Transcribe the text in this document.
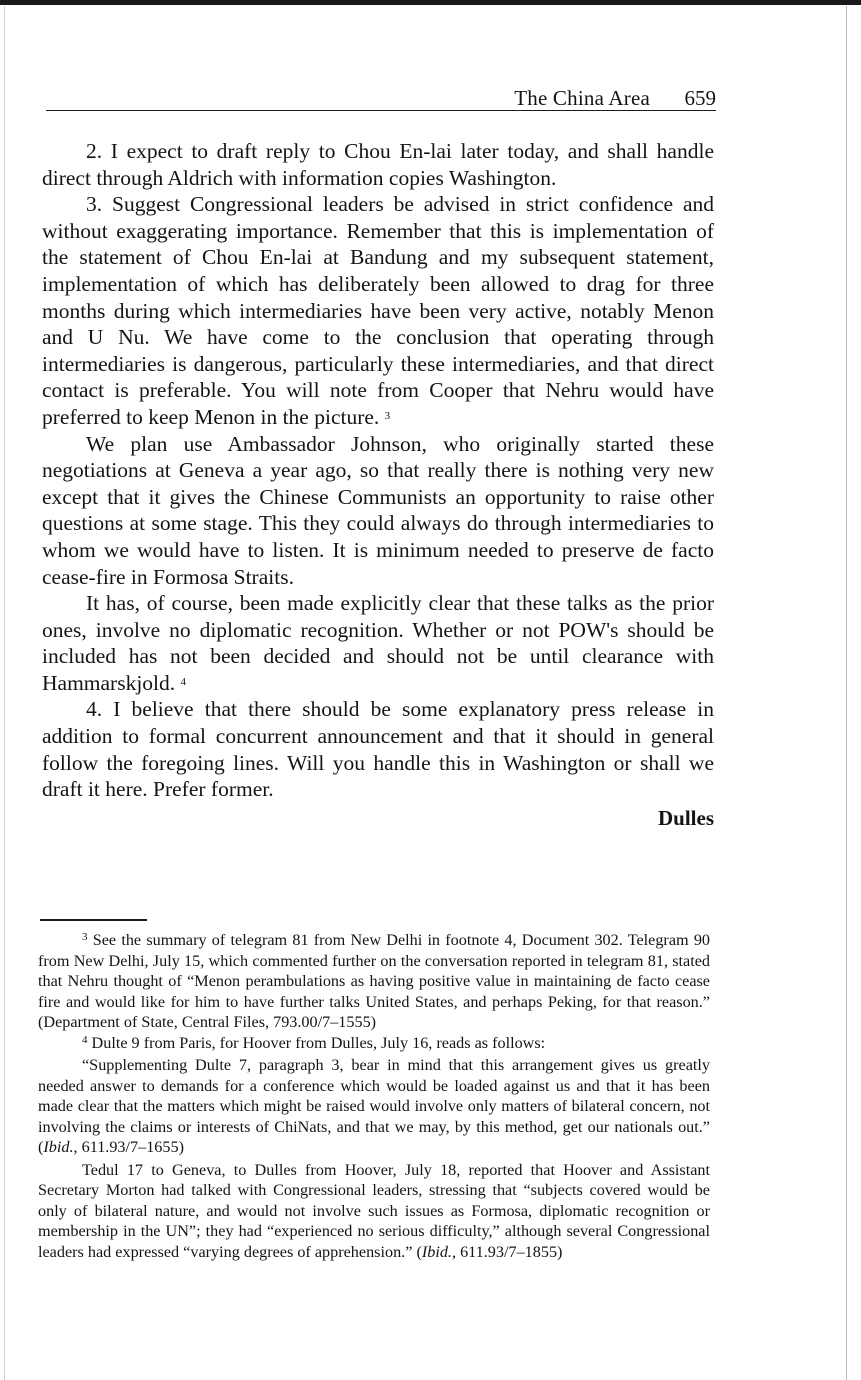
The China Area 659

2. I expect to draft reply to Chou En-lai later today, and shall handle direct through Aldrich with information copies Washington.

3. Suggest Congressional leaders be advised in strict confidence and without exaggerating importance. Remember that this is implementation of the statement of Chou En-lai at Bandung and my subsequent statement, implementation of which has deliberately been allowed to drag for three months during which intermediaries have been very active, notably Menon and U Nu. We have come to the conclusion that operating through intermediaries is dangerous, particularly these intermediaries, and that direct contact is preferable. You will note from Cooper that Nehru would have preferred to keep Menon in the picture. $^3$

We plan use Ambassador Johnson, who originally started these negotiations at Geneva a year ago, so that really there is nothing very new except that it gives the Chinese Communists an opportunity to raise other questions at some stage. This they could always do through intermediaries to whom we would have to listen. It is minimum needed to preserve de facto cease-fire in Formosa Straits.

It has, of course, been made explicitly clear that these talks as the prior ones, involve no diplomatic recognition. Whether or not POW's should be included has not been decided and should not be until clearance with Hammarskjold. $^4$

4. I believe that there should be some explanatory press release in addition to formal concurrent announcement and that it should in general follow the foregoing lines. Will you handle this in Washington or shall we draft it here. Prefer former.

Dulles

$^3$ See the summary of telegram 81 from New Delhi in footnote 4, Document 302. Telegram 90 from New Delhi, July 15, which commented further on the conversation reported in telegram 81, stated that Nehru thought of “Menon perambulations as having positive value in maintaining de facto cease fire and would like for him to have further talks United States, and perhaps Peking, for that reason.” (Department of State, Central Files, 793.00/7–1555)

$^4$ Dulte 9 from Paris, for Hoover from Dulles, July 16, reads as follows:

“Supplementing Dulte 7, paragraph 3, bear in mind that this arrangement gives us greatly needed answer to demands for a conference which would be loaded against us and that it has been made clear that the matters which might be raised would involve only matters of bilateral concern, not involving the claims or interests of ChiNats, and that we may, by this method, get our nationals out.” (Ibid., 611.93/7–1655)

Tedul 17 to Geneva, to Dulles from Hoover, July 18, reported that Hoover and Assistant Secretary Morton had talked with Congressional leaders, stressing that “subjects covered would be only of bilateral nature, and would not involve such issues as Formosa, diplomatic recognition or membership in the UN”; they had “experienced no serious difficulty,” although several Congressional leaders had expressed “varying degrees of apprehension.” (Ibid., 611.93/7–1855)
